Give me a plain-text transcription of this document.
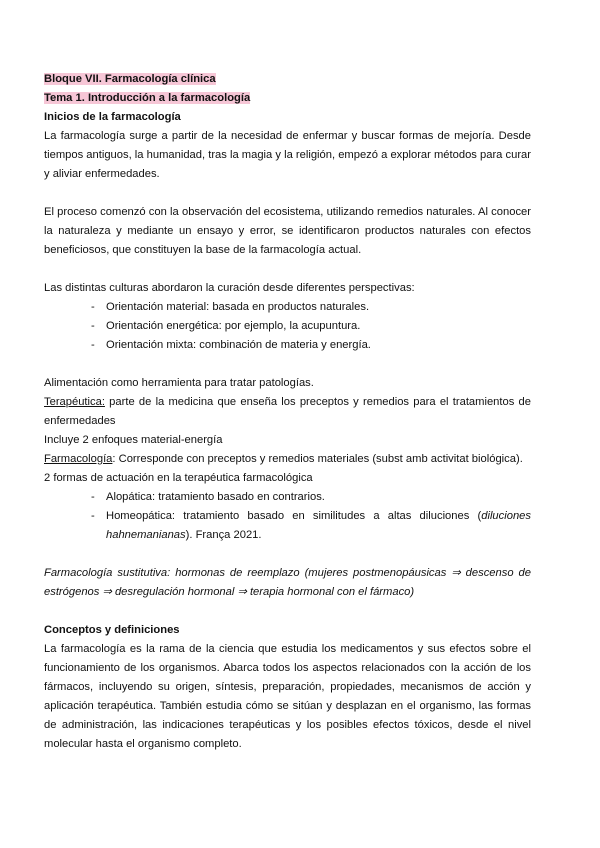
Bloque VII. Farmacología clínica

Tema 1. Introducción a la farmacología

Inicios de la farmacología

La farmacología surge a partir de la necesidad de enfermar y buscar formas de mejoría. Desde tiempos antiguos, la humanidad, tras la magia y la religión, empezó a explorar métodos para curar y aliviar enfermedades.

El proceso comenzó con la observación del ecosistema, utilizando remedios naturales. Al conocer la naturaleza y mediante un ensayo y error, se identificaron productos naturales con efectos beneficiosos, que constituyen la base de la farmacología actual.

Las distintas culturas abordaron la curación desde diferentes perspectivas:

- Orientación material: basada en productos naturales.
- Orientación energética: por ejemplo, la acupuntura.
- Orientación mixta: combinación de materia y energía.

Alimentación como herramienta para tratar patologías.

Terapéutica: parte de la medicina que enseña los preceptos y remedios para el tratamientos de enfermedades

Incluye 2 enfoques material-energía

Farmacología: Corresponde con preceptos y remedios materiales (subst amb activitat biológica).

2 formas de actuación en la terapéutica farmacológica

- Alopática: tratamiento basado en contrarios.
- Homeopática: tratamiento basado en similitudes a altas diluciones (diluciones hahnemanianas). França 2021.

Farmacología sustitutiva: hormonas de reemplazo (mujeres postmenopáusicas ⇒ descenso de estrógenos ⇒ desregulación hormonal ⇒ terapia hormonal con el fármaco)

Conceptos y definiciones

La farmacología es la rama de la ciencia que estudia los medicamentos y sus efectos sobre el funcionamiento de los organismos. Abarca todos los aspectos relacionados con la acción de los fármacos, incluyendo su origen, síntesis, preparación, propiedades, mecanismos de acción y aplicación terapéutica. También estudia cómo se sitúan y desplazan en el organismo, las formas de administración, las indicaciones terapéuticas y los posibles efectos tóxicos, desde el nivel molecular hasta el organismo completo.
